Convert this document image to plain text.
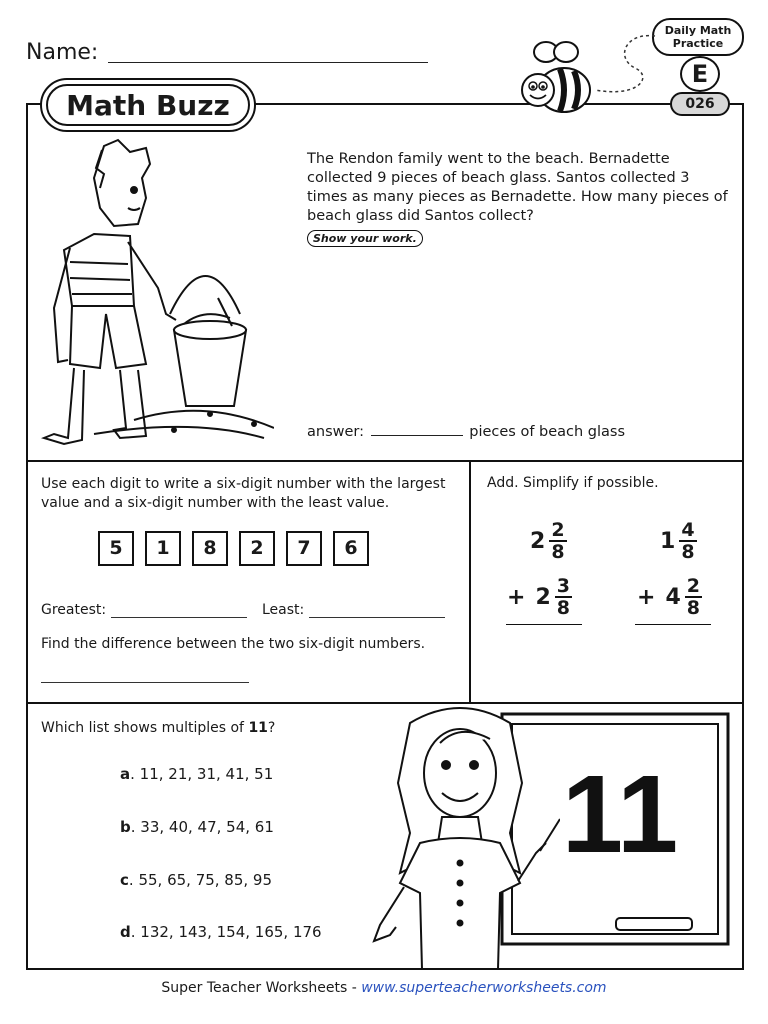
Name:
Math Buzz
Daily Math
Practice
E
026
The Rendon family went to the beach. Bernadette collected 9 pieces of beach glass. Santos collected 3 times as many pieces as Bernadette. How many pieces of beach glass did Santos collect?
Show your work.
answer:	pieces of beach glass
Use each digit to write a six-digit number with the largest value and a six-digit number with the least value.
5	1	8	2	7	6
Greatest:	Least:
Find the difference between the two six-digit numbers.
Add. Simplify if possible.
$2 \frac{2}{8}$
+ $2 \frac{3}{8}$
$1 \frac{4}{8}$
+ $4 \frac{2}{8}$
Which list shows multiples of 11?
a. 11, 21, 31, 41, 51
b. 33, 40, 47, 54, 61
c. 55, 65, 75, 85, 95
d. 132, 143, 154, 165, 176
11
Super Teacher Worksheets - www.superteacherworksheets.com
